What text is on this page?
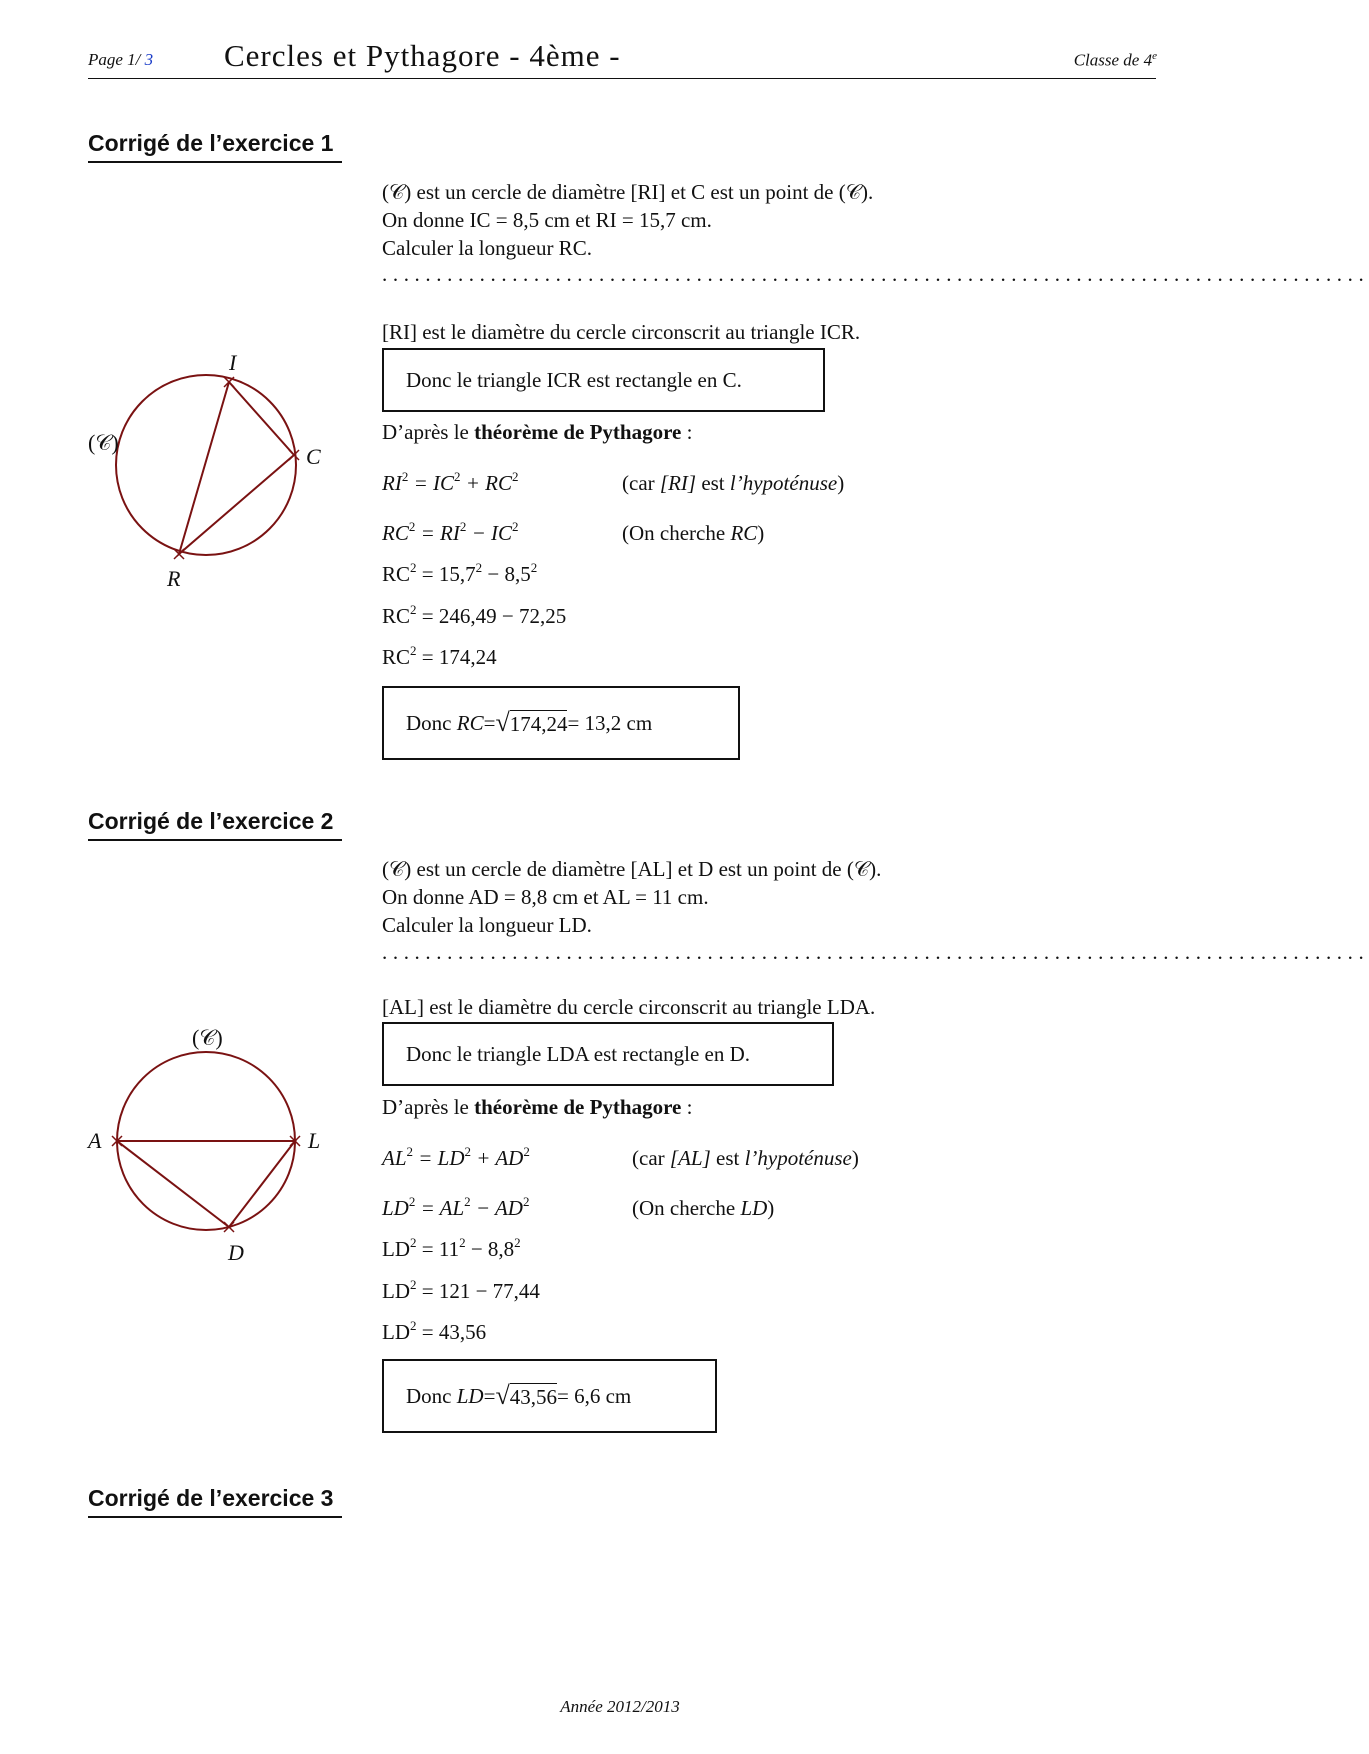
Page 1/ 3 Cercles et Pythagore - 4ème -	Classe de 4e
Corrigé de l’exercice 1
(𝒞) est un cercle de diamètre [RI] et C est un point de (𝒞).
On donne IC = 8,5 cm et RI = 15,7 cm.
Calculer la longueur RC.
...........................................................................................
[RI] est le diamètre du cercle circonscrit au triangle ICR.
Donc le triangle ICR est rectangle en C.
D’après le théorème de Pythagore :
$RI^2 = IC^2 + RC^2$	(car [RI] est l’hypoténuse)
$RC^2 = RI^2 - IC^2$	(On cherche RC)
$RC^2 = 15,7^2 - 8,5^2$
$RC^2 = 246,49 - 72,25$
$RC^2 = 174,24$
Donc
RC = √ 174,24 = 13,2 cm
I
C
R
(𝒞)
Corrigé de l’exercice 2
(𝒞) est un cercle de diamètre [AL] et D est un point de (𝒞).
On donne AD = 8,8 cm et AL = 11 cm.
Calculer la longueur LD.
...........................................................................................
[AL] est le diamètre du cercle circonscrit au triangle LDA.
Donc le triangle LDA est rectangle en D.
D’après le théorème de Pythagore :
$AL^2 = LD^2 + AD^2$	(car [AL] est l’hypoténuse)
$LD^2 = AL^2 - AD^2$	(On cherche LD)
$LD^2 = 11^2 - 8,8^2$
$LD^2 = 121 - 77,44$
$LD^2 = 43,56$
Donc
LD = √ 43,56 = 6,6 cm
A	L
D
(𝒞)
Corrigé de l’exercice 3
Année 2012/2013
